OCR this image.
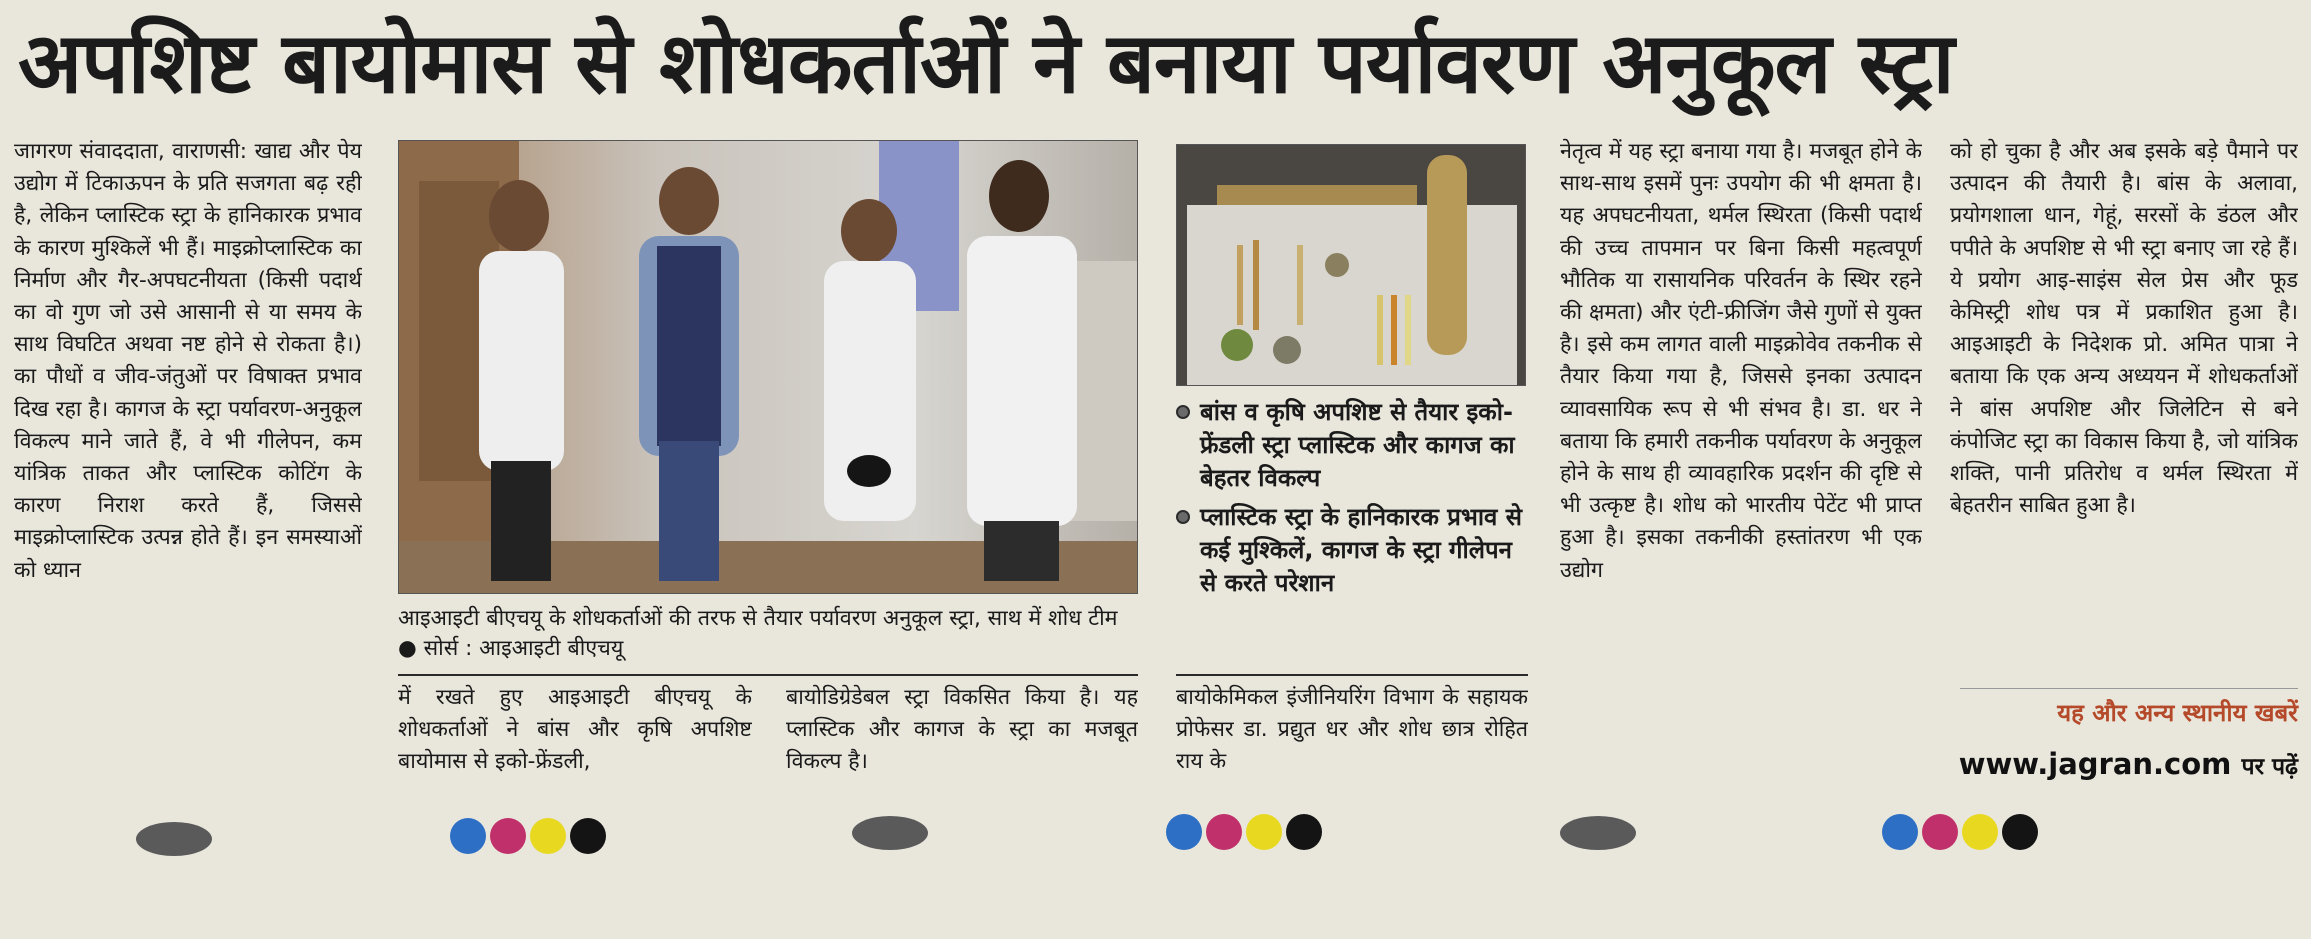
अपशिष्ट बायोमास से शोधकर्ताओं ने बनाया पर्यावरण अनुकूल स्ट्रा

जागरण संवाददाता, वाराणसी: खाद्य और पेय उद्योग में टिकाऊपन के प्रति सजगता बढ़ रही है, लेकिन प्लास्टिक स्ट्रा के हानिकारक प्रभाव के कारण मुश्किलें भी हैं। माइक्रोप्लास्टिक का निर्माण और गैर-अपघटनीयता (किसी पदार्थ का वो गुण जो उसे आसानी से या समय के साथ विघटित अथवा नष्ट होने से रोकता है।) का पौधों व जीव-जंतुओं पर विषाक्त प्रभाव दिख रहा है। कागज के स्ट्रा पर्यावरण-अनुकूल विकल्प माने जाते हैं, वे भी गीलेपन, कम यांत्रिक ताकत और प्लास्टिक कोटिंग के कारण निराश करते हैं, जिससे माइक्रोप्लास्टिक उत्पन्न होते हैं। इन समस्याओं को ध्यान

आइआइटी बीएचयू के शोधकर्ताओं की तरफ से तैयार पर्यावरण अनुकूल स्ट्रा, साथ में शोध टीम ● सोर्स : आइआइटी बीएचयू

में रखते हुए आइआइटी बीएचयू के शोधकर्ताओं ने बांस और कृषि अपशिष्ट बायोमास से इको-फ्रेंडली,

बायोडिग्रेडेबल स्ट्रा विकसित किया है। यह प्लास्टिक और कागज के स्ट्रा का मजबूत विकल्प है।

बांस व कृषि अपशिष्ट से तैयार इको-फ्रेंडली स्ट्रा प्लास्टिक और कागज का बेहतर विकल्प
प्लास्टिक स्ट्रा के हानिकारक प्रभाव से कई मुश्किलें, कागज के स्ट्रा गीलेपन से करते परेशान

बायोकेमिकल इंजीनियरिंग विभाग के सहायक प्रोफेसर डा. प्रद्युत धर और शोध छात्र रोहित राय के

नेतृत्व में यह स्ट्रा बनाया गया है। मजबूत होने के साथ-साथ इसमें पुनः उपयोग की भी क्षमता है। यह अपघटनीयता, थर्मल स्थिरता (किसी पदार्थ की उच्च तापमान पर बिना किसी महत्वपूर्ण भौतिक या रासायनिक परिवर्तन के स्थिर रहने की क्षमता) और एंटी-फ्रीजिंग जैसे गुणों से युक्त है। इसे कम लागत वाली माइक्रोवेव तकनीक से तैयार किया गया है, जिससे इनका उत्पादन व्यावसायिक रूप से भी संभव है। डा. धर ने बताया कि हमारी तकनीक पर्यावरण के अनुकूल होने के साथ ही व्यावहारिक प्रदर्शन की दृष्टि से भी उत्कृष्ट है। शोध को भारतीय पेटेंट भी प्राप्त हुआ है। इसका तकनीकी हस्तांतरण भी एक उद्योग

को हो चुका है और अब इसके बड़े पैमाने पर उत्पादन की तैयारी है। बांस के अलावा, प्रयोगशाला धान, गेहूं, सरसों के डंठल और पपीते के अपशिष्ट से भी स्ट्रा बनाए जा रहे हैं। ये प्रयोग आइ-साइंस सेल प्रेस और फूड केमिस्ट्री शोध पत्र में प्रकाशित हुआ है। आइआइटी के निदेशक प्रो. अमित पात्रा ने बताया कि एक अन्य अध्ययन में शोधकर्ताओं ने बांस अपशिष्ट और जिलेटिन से बने कंपोजिट स्ट्रा का विकास किया है, जो यांत्रिक शक्ति, पानी प्रतिरोध व थर्मल स्थिरता में बेहतरीन साबित हुआ है।

यह और अन्य स्थानीय खबरें
www.jagran.com पर पढ़ें
